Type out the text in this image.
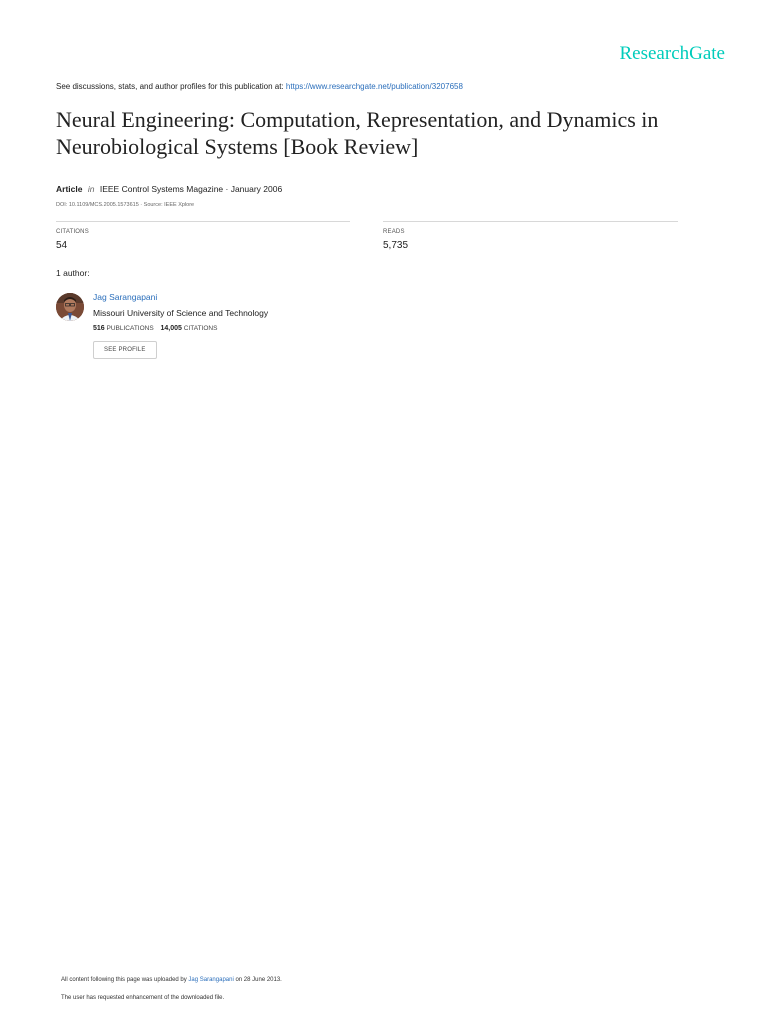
ResearchGate
See discussions, stats, and author profiles for this publication at: https://www.researchgate.net/publication/3207658
Neural Engineering: Computation, Representation, and Dynamics in Neurobiological Systems [Book Review]
Article in IEEE Control Systems Magazine · January 2006
DOI: 10.1109/MCS.2005.1573615 · Source: IEEE Xplore
CITATIONS
54
READS
5,735
1 author:
Jag Sarangapani
Missouri University of Science and Technology
516 PUBLICATIONS 14,005 CITATIONS
SEE PROFILE
All content following this page was uploaded by Jag Sarangapani on 28 June 2013.
The user has requested enhancement of the downloaded file.
